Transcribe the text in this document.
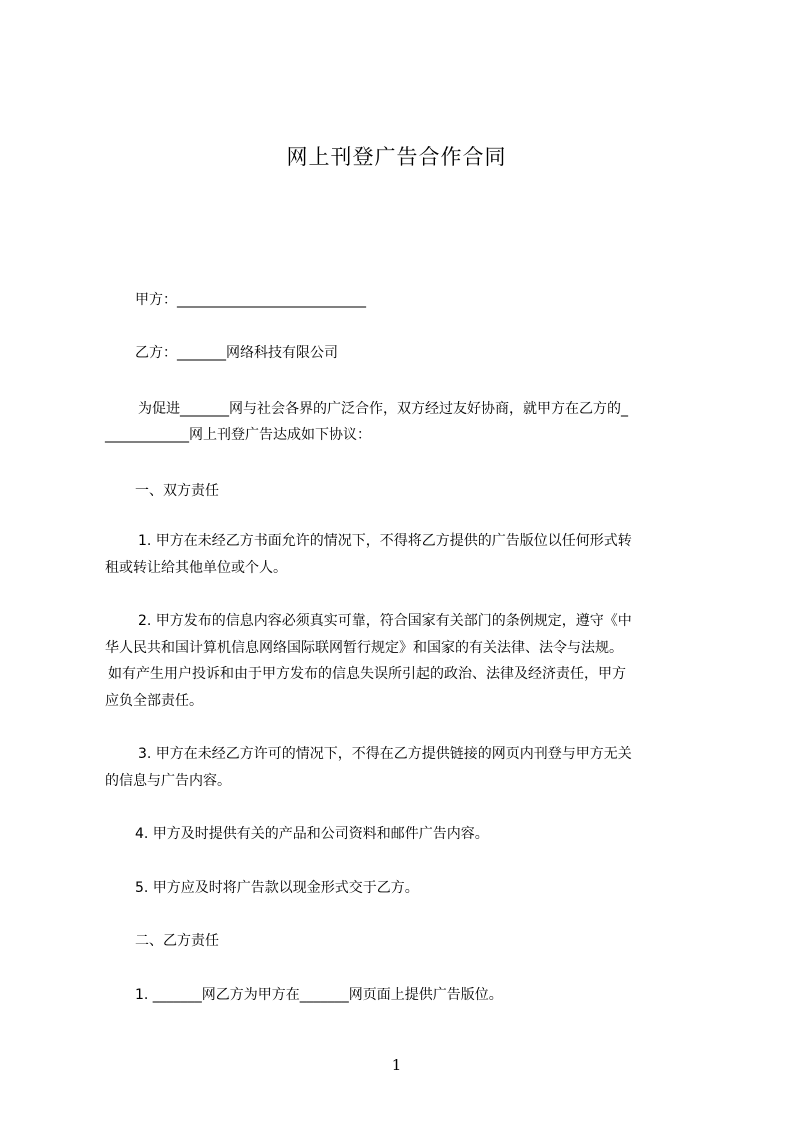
网上刊登广告合作合同

甲方：___________________________

乙方：_______网络科技有限公司

为促进_______网与社会各界的广泛合作，双方经过友好协商，就甲方在乙方的_

____________网上刊登广告达成如下协议：

一、双方责任

1. 甲方在未经乙方书面允许的情况下，不得将乙方提供的广告版位以任何形式转

租或转让给其他单位或个人。

2. 甲方发布的信息内容必须真实可靠，符合国家有关部门的条例规定，遵守《中

华人民共和国计算机信息网络国际联网暂行规定》和国家的有关法律、法令与法规。

如有产生用户投诉和由于甲方发布的信息失误所引起的政治、法律及经济责任，甲方

应负全部责任。

3. 甲方在未经乙方许可的情况下，不得在乙方提供链接的网页内刊登与甲方无关

的信息与广告内容。

4. 甲方及时提供有关的产品和公司资料和邮件广告内容。

5. 甲方应及时将广告款以现金形式交于乙方。

二、乙方责任

1. _______网乙方为甲方在_______网页面上提供广告版位。

1
